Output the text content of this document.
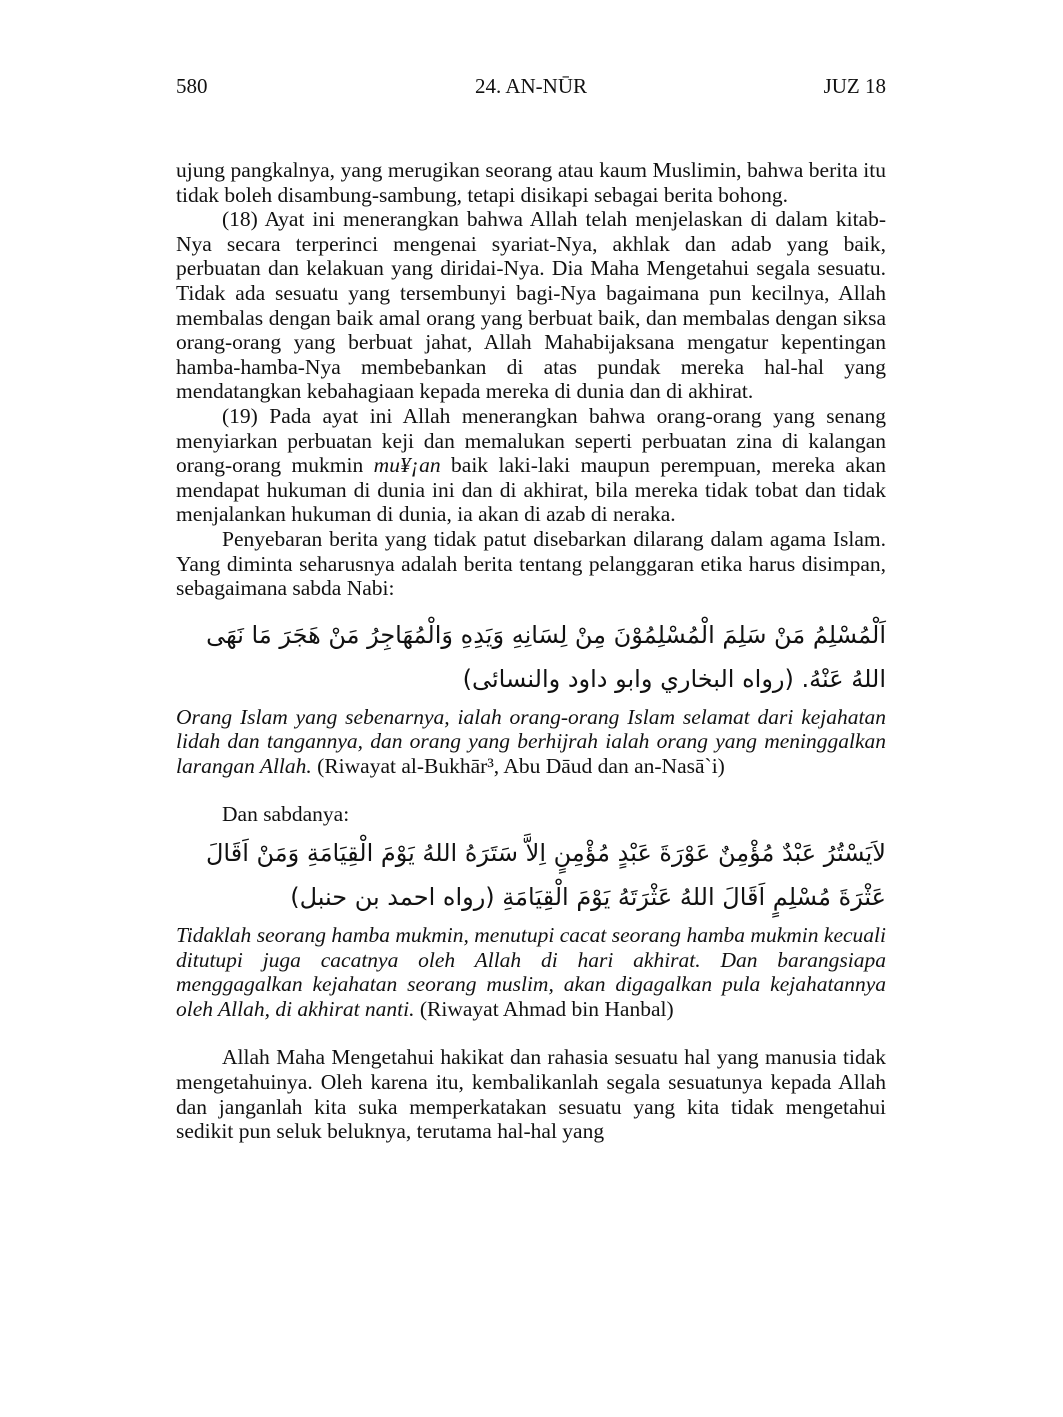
24. AN-NŪR
580	JUZ 18

ujung pangkalnya, yang merugikan seorang atau kaum Muslimin, bahwa berita itu tidak boleh disambung-sambung, tetapi disikapi sebagai berita bohong.

(18) Ayat ini menerangkan bahwa Allah telah menjelaskan di dalam kitab-Nya secara terperinci mengenai syariat-Nya, akhlak dan adab yang baik, perbuatan dan kelakuan yang diridai-Nya. Dia Maha Mengetahui segala sesuatu. Tidak ada sesuatu yang tersembunyi bagi-Nya bagaimana pun kecilnya, Allah membalas dengan baik amal orang yang berbuat baik, dan membalas dengan siksa orang-orang yang berbuat jahat, Allah Mahabijaksana mengatur kepentingan hamba-hamba-Nya membebankan di atas pundak mereka hal-hal yang mendatangkan kebahagiaan kepada mereka di dunia dan di akhirat.

(19) Pada ayat ini Allah menerangkan bahwa orang-orang yang senang menyiarkan perbuatan keji dan memalukan seperti perbuatan zina di kalangan orang-orang mukmin mu¥¡an baik laki-laki maupun perempuan, mereka akan mendapat hukuman di dunia ini dan di akhirat, bila mereka tidak tobat dan tidak menjalankan hukuman di dunia, ia akan di azab di neraka.

Penyebaran berita yang tidak patut disebarkan dilarang dalam agama Islam. Yang diminta seharusnya adalah berita tentang pelanggaran etika harus disimpan, sebagaimana sabda Nabi:

اَلْمُسْلِمُ مَنْ سَلِمَ الْمُسْلِمُوْنَ مِنْ لِسَانِهِ وَيَدِهِ وَالْمُهَاجِرُ مَنْ هَجَرَ مَا نَهَى اللهُ عَنْهُ. (رواه البخاري وابو داود والنسائى)

Orang Islam yang sebenarnya, ialah orang-orang Islam selamat dari kejahatan lidah dan tangannya, dan orang yang berhijrah ialah orang yang meninggalkan larangan Allah. (Riwayat al-Bukhār³, Abu Dāud dan an-Nasā`i)

Dan sabdanya:

لاَيَسْتُرُ عَبْدٌ مُؤْمِنٌ عَوْرَةَ عَبْدٍ مُؤْمِنٍ اِلاَّ سَتَرَهُ اللهُ يَوْمَ الْقِيَامَةِ وَمَنْ اَقَالَ عَثْرَةَ مُسْلِمٍ اَقَالَ اللهُ عَثْرَتَهُ يَوْمَ الْقِيَامَةِ (رواه احمد بن حنبل)

Tidaklah seorang hamba mukmin, menutupi cacat seorang hamba mukmin kecuali ditutupi juga cacatnya oleh Allah di hari akhirat. Dan barangsiapa menggagalkan kejahatan seorang muslim, akan digagalkan pula kejahatannya oleh Allah, di akhirat nanti. (Riwayat Ahmad bin Hanbal)

Allah Maha Mengetahui hakikat dan rahasia sesuatu hal yang manusia tidak mengetahuinya. Oleh karena itu, kembalikanlah segala sesuatunya kepada Allah dan janganlah kita suka memperkatakan sesuatu yang kita tidak mengetahui sedikit pun seluk beluknya, terutama hal-hal yang
